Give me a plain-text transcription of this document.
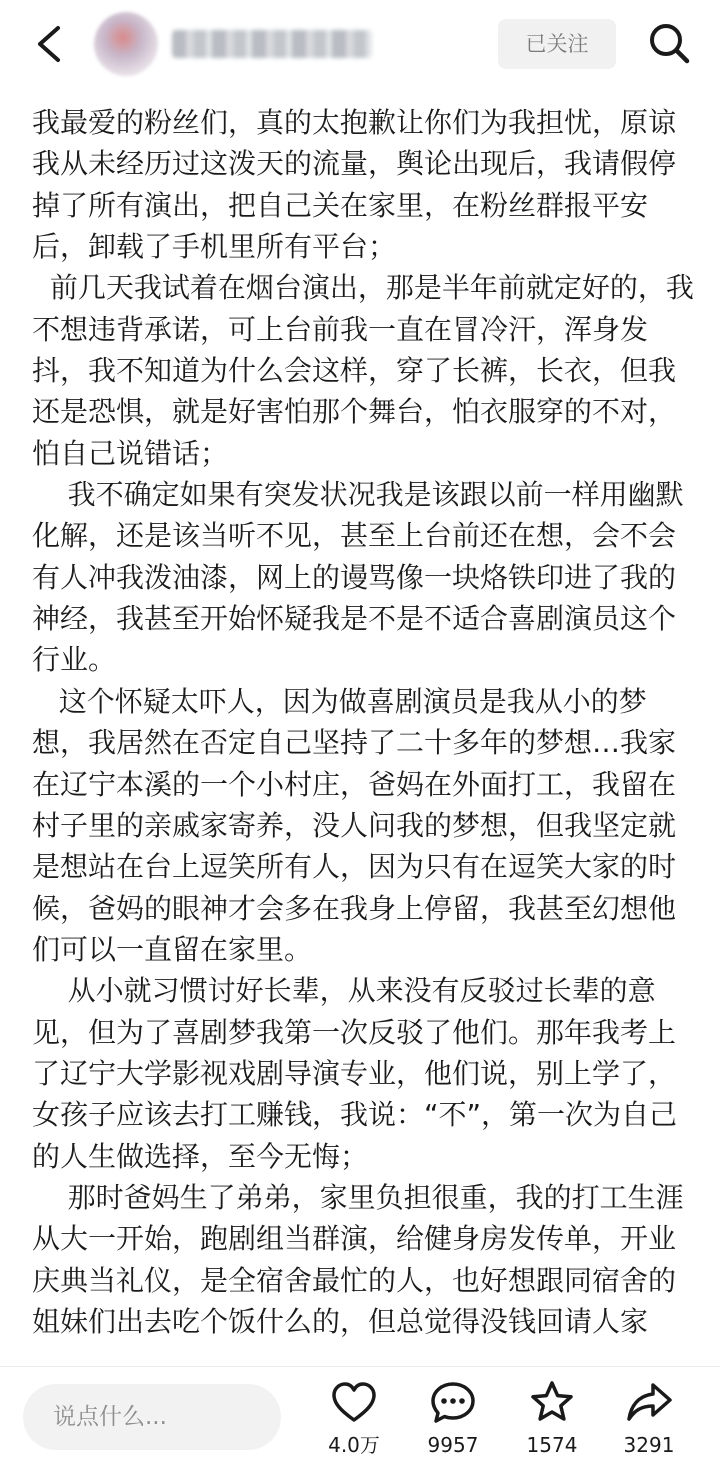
已关注

我最爱的粉丝们，真的太抱歉让你们为我担忧，原谅我从未经历过这泼天的流量，舆论出现后，我请假停掉了所有演出，把自己关在家里，在粉丝群报平安后，卸载了手机里所有平台；

前几天我试着在烟台演出，那是半年前就定好的，我不想违背承诺，可上台前我一直在冒冷汗，浑身发抖，我不知道为什么会这样，穿了长裤，长衣，但我还是恐惧，就是好害怕那个舞台，怕衣服穿的不对，怕自己说错话；

我不确定如果有突发状况我是该跟以前一样用幽默化解，还是该当听不见，甚至上台前还在想，会不会有人冲我泼油漆，网上的谩骂像一块烙铁印进了我的神经，我甚至开始怀疑我是不是不适合喜剧演员这个行业。

这个怀疑太吓人，因为做喜剧演员是我从小的梦想，我居然在否定自己坚持了二十多年的梦想…我家在辽宁本溪的一个小村庄，爸妈在外面打工，我留在村子里的亲戚家寄养，没人问我的梦想，但我坚定就是想站在台上逗笑所有人，因为只有在逗笑大家的时候，爸妈的眼神才会多在我身上停留，我甚至幻想他们可以一直留在家里。

从小就习惯讨好长辈，从来没有反驳过长辈的意见，但为了喜剧梦我第一次反驳了他们。那年我考上了辽宁大学影视戏剧导演专业，他们说，别上学了，女孩子应该去打工赚钱，我说：“不”，第一次为自己的人生做选择，至今无悔；

那时爸妈生了弟弟，家里负担很重，我的打工生涯从大一开始，跑剧组当群演，给健身房发传单，开业庆典当礼仪，是全宿舍最忙的人，也好想跟同宿舍的姐妹们出去吃个饭什么的，但总觉得没钱回请人家

说点什么...
4.0万	9957	1574	3291
